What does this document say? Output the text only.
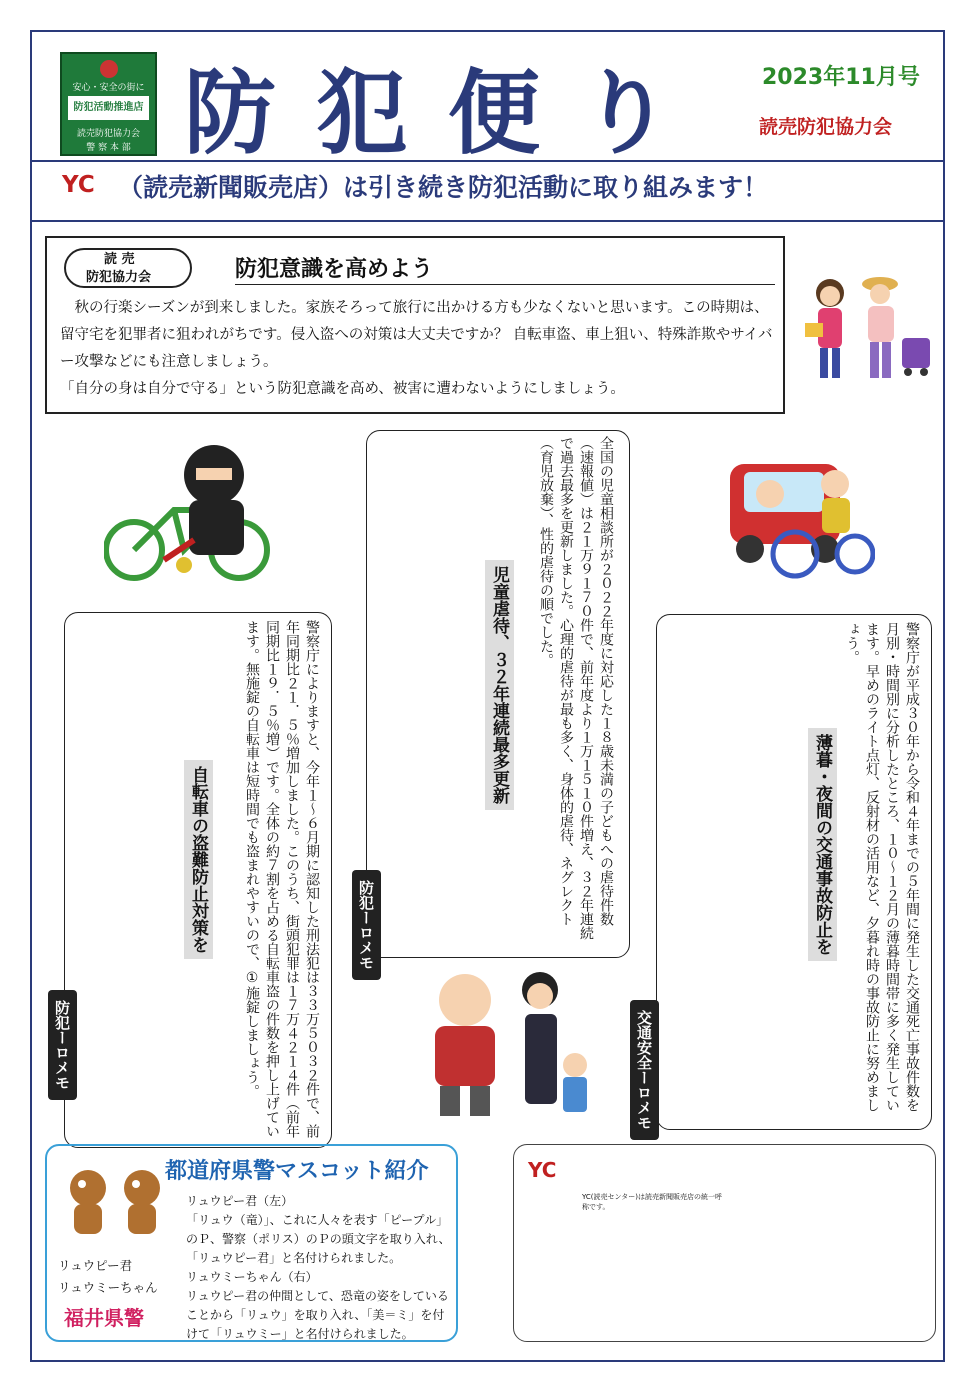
安心・安全の街に
防犯活動推進店
読売防犯協力会
警 察 本 部 防犯便り 2023年11月号
読売防犯協力会
YC （読売新聞販売店）は引き続き防犯活動に取り組みます！
読 売
防犯協力会	防犯意識を高めよう

秋の行楽シーズンが到来しました。家族そろって旅行に出かける方も少なくないと思います。この時期は、留守宅を犯罪者に狙われがちです。侵入盗への対策は大丈夫ですか？ 自転車盗、車上狙い、特殊詐欺やサイバー攻撃などにも注意しましょう。

「自分の身は自分で守る」という防犯意識を高め、被害に遭わないようにしましょう。

全国の児童相談所が２０２２年度に対応した１８歳未満の子どもへの虐待件数（速報値）は２１万９１７０件で、前年度より１万１５１０件増え、３２年連続で過去最多を更新しました。心理的虐待が最も多く、身体的虐待、ネグレクト（育児放棄）、性的虐待の順でした。
児童虐待、３２年連続最多更新
防犯ーロメモ
警察庁によりますと、今年１〜６月期に認知した刑法犯は３３万５０３２件で、前年同期比２１．５％増加しました。このうち、街頭犯罪は１７万４２１４件（前年同期比１９．５％増）です。全体の約７割を占める自転車盗の件数を押し上げています。無施錠の自転車は短時間でも盗まれやすいので、①施錠しましょう。
自転車の盗難防止対策を
防犯ーロメモ	警察庁が平成３０年から令和４年までの５年間に発生した交通死亡事故件数を月別・時間別に分析したところ、１０〜１２月の薄暮時間帯に多く発生しています。早めのライト点灯、反射材の活用など、夕暮れ時の事故防止に努めましょう。
薄暮・夜間の交通事故防止を
交通安全ーロメモ
都道府県警マスコット紹介
リュウピー君
リュウミーちゃん
福井県警
リュウピー君（左）
「リュウ（竜）」、これに人々を表す「ピープル」のＰ、警察（ポリス）のＰの頭文字を取り入れ、「リュウピー君」と名付けられました。
リュウミーちゃん（右）
リュウピー君の仲間として、恐竜の姿をしていることから「リュウ」を取り入れ、「美＝ミ」を付けて「リュウミー」と名付けられました。
YC
YC(読売センター)は読売新聞販売店の統一呼称です。
